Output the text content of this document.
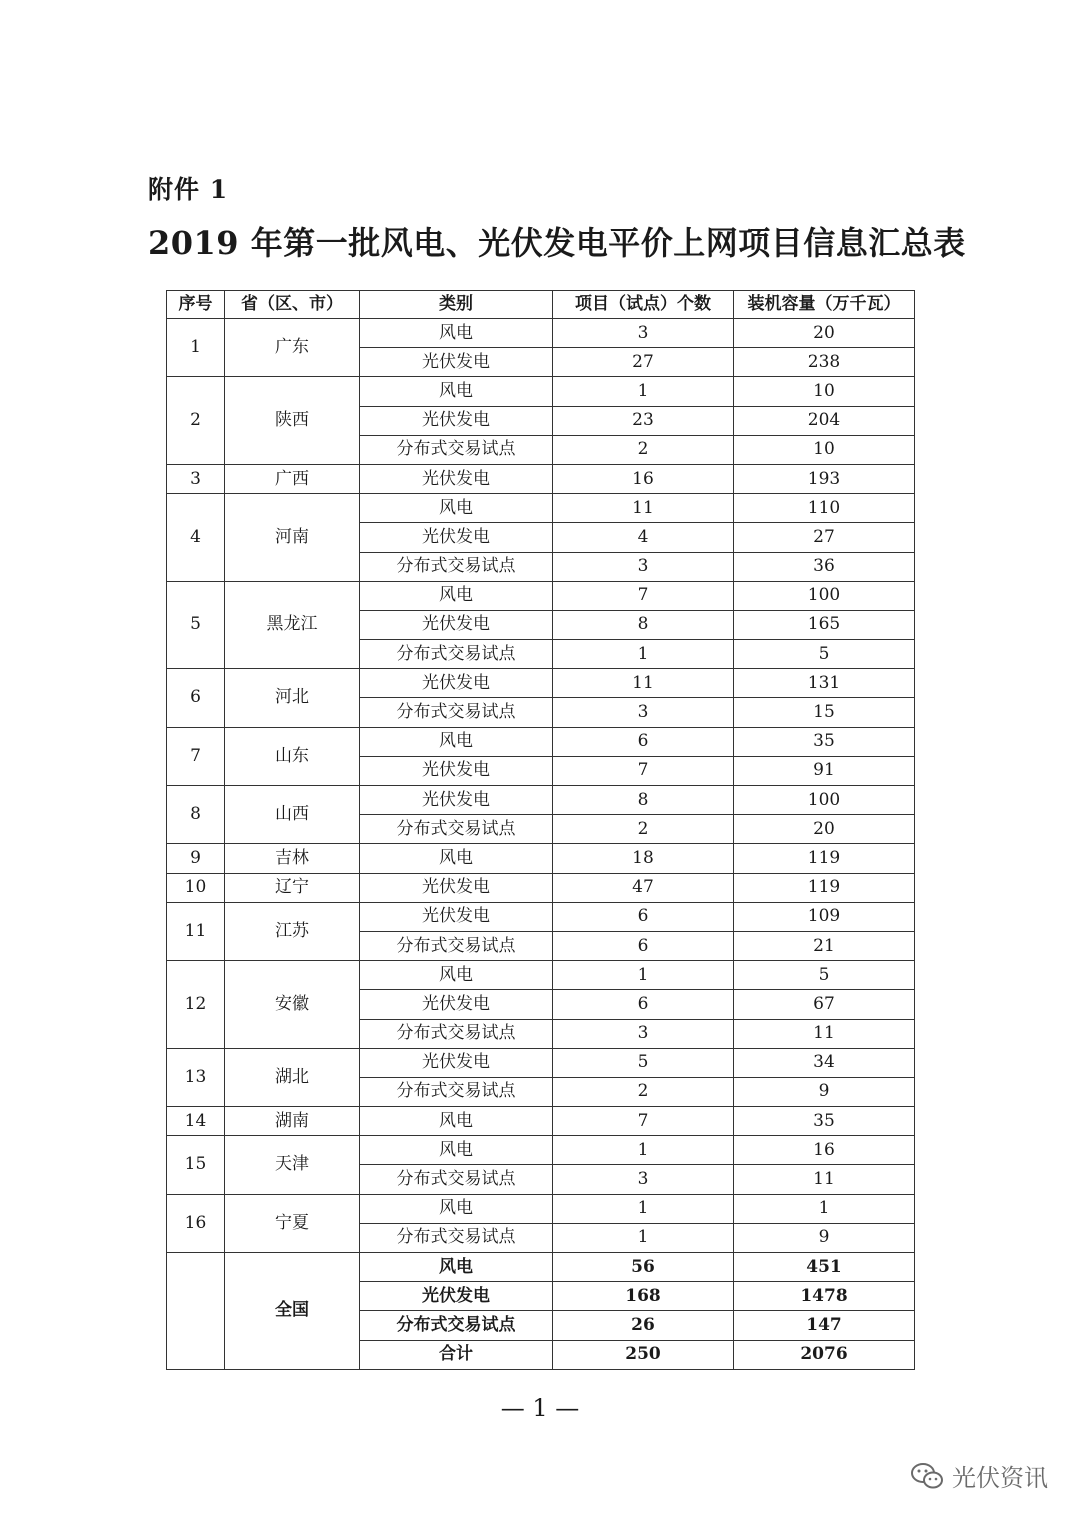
附件 1
2019 年第一批风电、光伏发电平价上网项目信息汇总表
序号	省（区、市）	类别	项目（试点）个数	装机容量（万千瓦）
1	广东	风电	3	20
		光伏发电	27	238
2	陕西	风电	1	10
		光伏发电	23	204
		分布式交易试点	2	10
3	广西	光伏发电	16	193
4	河南	风电	11	110
		光伏发电	4	27
		分布式交易试点	3	36
5	黑龙江	风电	7	100
		光伏发电	8	165
		分布式交易试点	1	5
6	河北	光伏发电	11	131
		分布式交易试点	3	15
7	山东	风电	6	35
		光伏发电	7	91
8	山西	光伏发电	8	100
		分布式交易试点	2	20
9	吉林	风电	18	119
10	辽宁	光伏发电	47	119
11	江苏	光伏发电	6	109
		分布式交易试点	6	21
12	安徽	风电	1	5
		光伏发电	6	67
		分布式交易试点	3	11
13	湖北	光伏发电	5	34
		分布式交易试点	2	9
14	湖南	风电	7	35
15	天津	风电	1	16
		分布式交易试点	3	11
16	宁夏	风电	1	1
		分布式交易试点	1	9
	全国	风电	56	451
		光伏发电	168	1478
		分布式交易试点	26	147
		合计	250	2076
— 1 —
光伏资讯
